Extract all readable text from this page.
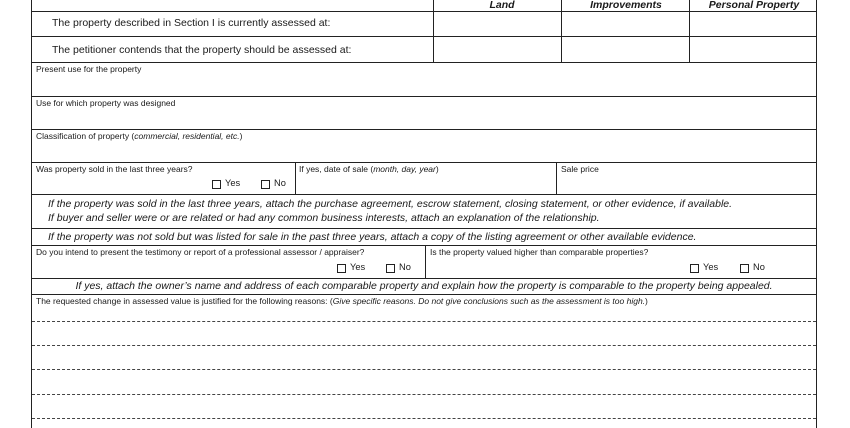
Land	Improvements	Personal Property
The property described in Section I is currently assessed at:
The petitioner contends that the property should be assessed at:
Present use for the property
Use for which property was designed
Classification of property (commercial, residential, etc.)
Was property sold in the last three years?
Yes	No
If yes, date of sale (month, day, year)	Sale price
If the property was sold in the last three years, attach the purchase agreement, escrow statement, closing statement, or other evidence, if available.
If buyer and seller were or are related or had any common business interests, attach an explanation of the relationship.
If the property was not sold but was listed for sale in the past three years, attach a copy of the listing agreement or other available evidence.
Do you intend to present the testimony or report of a professional assessor / appraiser?
Yes	No
Is the property valued higher than comparable properties?
Yes	No
If yes, attach the owner’s name and address of each comparable property and explain how the property is comparable to the property being appealed.
The requested change in assessed value is justified for the following reasons: (Give specific reasons. Do not give conclusions such as the assessment is too high.)
